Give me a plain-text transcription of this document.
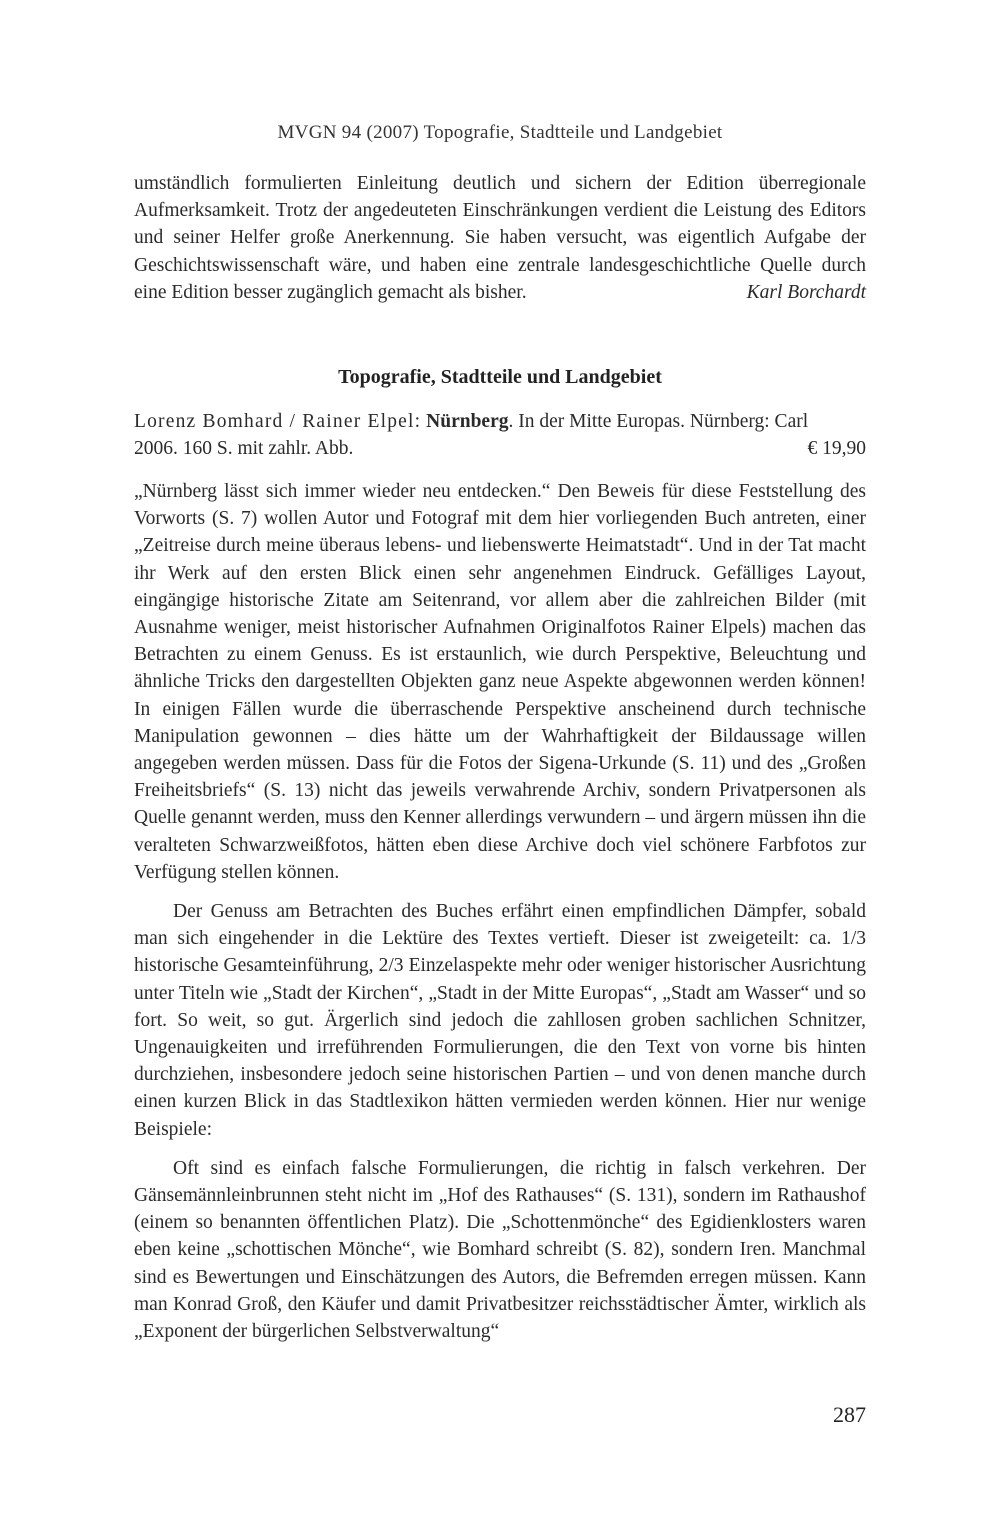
MVGN 94 (2007) Topografie, Stadtteile und Landgebiet

umständlich formulierten Einleitung deutlich und sichern der Edition überregionale Aufmerksamkeit. Trotz der angedeuteten Einschränkungen verdient die Leistung des Editors und seiner Helfer große Anerkennung. Sie haben versucht, was eigentlich Aufgabe der Geschichtswissenschaft wäre, und haben eine zentrale landesgeschichtliche Quelle durch eine Edition besser zugänglich gemacht als bisher.	Karl Borchardt

Topografie, Stadtteile und Landgebiet
Lorenz Bomhard / Rainer Elpel: Nürnberg. In der Mitte Europas. Nürnberg: Carl
2006. 160 S. mit zahlr. Abb.	€ 19,90

„Nürnberg lässt sich immer wieder neu entdecken.“ Den Beweis für diese Feststellung des Vorworts (S. 7) wollen Autor und Fotograf mit dem hier vorliegenden Buch antreten, einer „Zeitreise durch meine überaus lebens- und liebenswerte Heimatstadt“. Und in der Tat macht ihr Werk auf den ersten Blick einen sehr angenehmen Eindruck. Gefälliges Layout, eingängige historische Zitate am Seitenrand, vor allem aber die zahlreichen Bilder (mit Ausnahme weniger, meist historischer Aufnahmen Originalfotos Rainer Elpels) machen das Betrachten zu einem Genuss. Es ist erstaunlich, wie durch Perspektive, Beleuchtung und ähnliche Tricks den dargestellten Objekten ganz neue Aspekte abgewonnen werden können! In einigen Fällen wurde die überraschende Perspektive anscheinend durch technische Manipulation gewonnen – dies hätte um der Wahrhaftigkeit der Bildaussage willen angegeben werden müssen. Dass für die Fotos der Sigena-Urkunde (S. 11) und des „Großen Freiheitsbriefs“ (S. 13) nicht das jeweils verwahrende Archiv, sondern Privatpersonen als Quelle genannt werden, muss den Kenner allerdings verwundern – und ärgern müssen ihn die veralteten Schwarzweißfotos, hätten eben diese Archive doch viel schönere Farbfotos zur Verfügung stellen können.

Der Genuss am Betrachten des Buches erfährt einen empfindlichen Dämpfer, sobald man sich eingehender in die Lektüre des Textes vertieft. Dieser ist zweigeteilt: ca. 1/3 historische Gesamteinführung, 2/3 Einzelaspekte mehr oder weniger historischer Ausrichtung unter Titeln wie „Stadt der Kirchen“, „Stadt in der Mitte Europas“, „Stadt am Wasser“ und so fort. So weit, so gut. Ärgerlich sind jedoch die zahllosen groben sachlichen Schnitzer, Ungenauigkeiten und irreführenden Formulierungen, die den Text von vorne bis hinten durchziehen, insbesondere jedoch seine historischen Partien – und von denen manche durch einen kurzen Blick in das Stadtlexikon hätten vermieden werden können. Hier nur wenige Beispiele:

Oft sind es einfach falsche Formulierungen, die richtig in falsch verkehren. Der Gänsemännleinbrunnen steht nicht im „Hof des Rathauses“ (S. 131), sondern im Rathaushof (einem so benannten öffentlichen Platz). Die „Schottenmönche“ des Egidienklosters waren eben keine „schottischen Mönche“, wie Bomhard schreibt (S. 82), sondern Iren. Manchmal sind es Bewertungen und Einschätzungen des Autors, die Befremden erregen müssen. Kann man Konrad Groß, den Käufer und damit Privatbesitzer reichsstädtischer Ämter, wirklich als „Exponent der bürgerlichen Selbstverwaltung“

287
